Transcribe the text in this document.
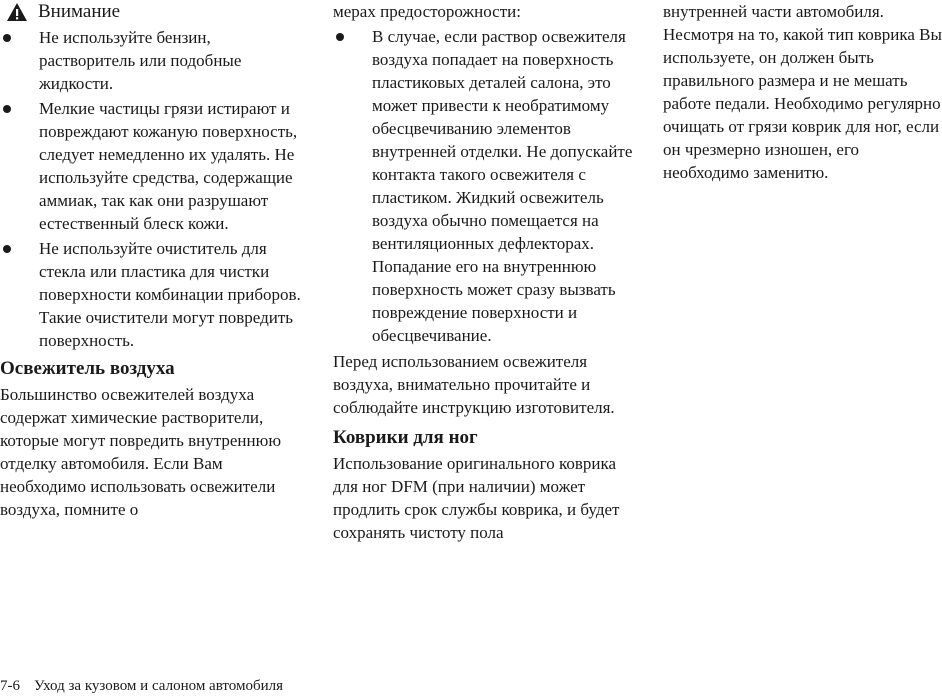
Внимание
Не используйте бензин, растворитель или подобные жидкости.
Мелкие частицы грязи истирают и повреждают кожаную поверхность, следует немедленно их удалять. Не используйте средства, содержащие аммиак, так как они разрушают естественный блеск кожи.
Не используйте очиститель для стекла или пластика для чистки поверхности комбинации приборов. Такие очистители могут повредить поверхность.
Освежитель воздуха

Большинство освежителей воздуха содержат химические растворители, которые могут повредить внутреннюю отделку автомобиля. Если Вам необходимо использовать освежители воздуха, помните о

В случае, если раствор освежителя воздуха попадает на поверхность пластиковых деталей салона, это может привести к необратимому обесцвечиванию элементов внутренней отделки. Не допускайте контакта такого освежителя с пластиком. Жидкий освежитель воздуха обычно помещается на вентиляционных дефлекторах. Попадание его на внутреннюю поверхность может сразу вызвать повреждение поверхности и обесцвечивание.

Перед использованием освежителя воздуха, внимательно прочитайте и соблюдайте инструкцию изготовителя.

Коврики для ног

Использование оригинального коврика для ног DFM (при наличии) может продлить срок службы коврика, и будет сохранять чистоту пола

мерах предосторожности:

7-6 Уход за кузовом и салоном автомобиля

внутренней части автомобиля. Несмотря на то, какой тип коврика Вы используете, он должен быть правильного размера и не мешать работе педали. Необходимо регулярно очищать от грязи коврик для ног, если он чрезмерно изношен, его необходимо заменитю.
